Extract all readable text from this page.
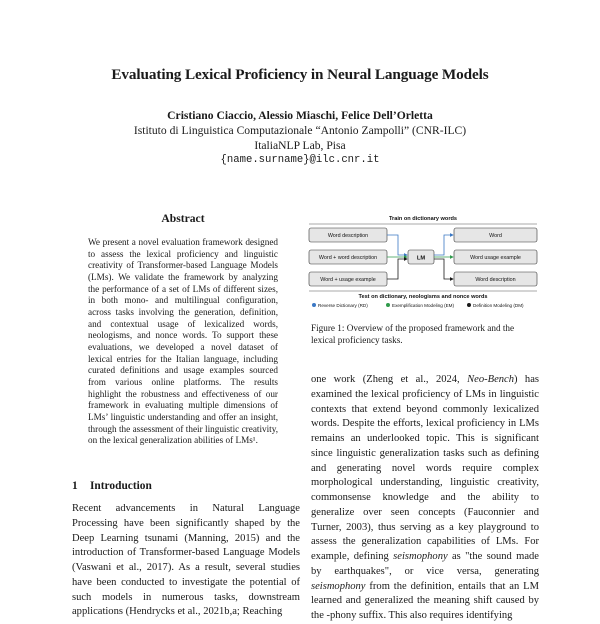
Evaluating Lexical Proficiency in Neural Language Models
Cristiano Ciaccio, Alessio Miaschi, Felice Dell’Orletta
Istituto di Linguistica Computazionale “Antonio Zampolli” (CNR-ILC)
ItaliaNLP Lab, Pisa
{name.surname}@ilc.cnr.it
Abstract
We present a novel evaluation framework designed to assess the lexical proficiency and linguistic creativity of Transformer-based Language Models (LMs). We validate the framework by analyzing the performance of a set of LMs of different sizes, in both mono- and multilingual configuration, across tasks involving the generation, definition, and contextual usage of lexicalized words, neologisms, and nonce words. To support these evaluations, we developed a novel dataset of lexical entries for the Italian language, including curated definitions and usage examples sourced from various online platforms. The results highlight the robustness and effectiveness of our framework in evaluating multiple dimensions of LMs’ linguistic understanding and offer an insight, through the assessment of their linguistic creativity, on the lexical generalization abilities of LMs¹.
1 Introduction
Recent advancements in Natural Language Processing have been significantly shaped by the Deep Learning tsunami (Manning, 2015) and the introduction of Transformer-based Language Models (Vaswani et al., 2017). As a result, several studies have been conducted to investigate the potential of such models in numerous tasks, downstream applications (Hendrycks et al., 2021b,a; Reaching
one work (Zheng et al., 2024, Neo-Bench) has examined the lexical proficiency of LMs in linguistic contexts that extend beyond commonly lexicalized words. Despite the efforts, lexical proficiency in LMs remains an underlooked topic. This is significant since linguistic generalization tasks such as defining and generating novel words require complex morphological understanding, linguistic creativity, commonsense knowledge and the ability to generalize over seen concepts (Fauconnier and Turner, 2003), thus serving as a key playground to assess the generalization capabilities of LMs. For example, defining seismophony as "the sound made by earthquakes", or vice versa, generating seismophony from the definition, entails that an LM learned and generalized the meaning shift caused by the -phony suffix. This also requires identifying
Train on dictionary words
Word description
Word + word description
Word + usage example
LM
Word
Word usage example
Word description
Test on dictionary, neologisms and nonce words
Reverse Dictionary (RD)	Exemplification Modeling (EM)	Definition Modeling (DM)
Figure 1: Overview of the proposed framework and the lexical proficiency tasks.
